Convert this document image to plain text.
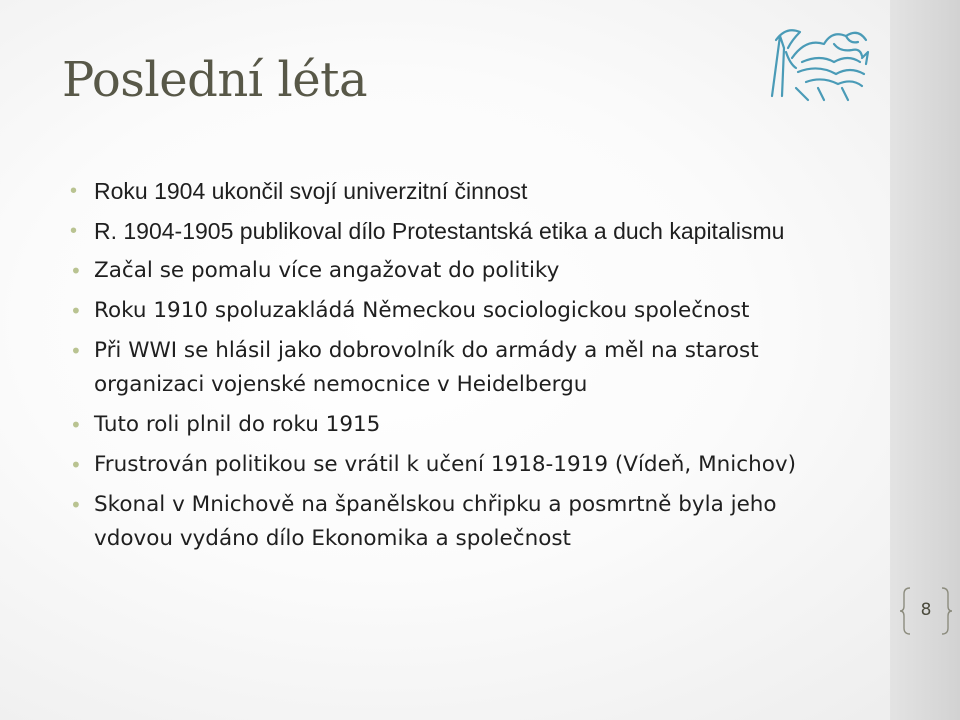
Poslední léta
• Roku 1904 ukončil svojí univerzitní činnost
• R. 1904-1905 publikoval dílo Protestantská etika a duch kapitalismu
• Začal se pomalu více angažovat do politiky
• Roku 1910 spoluzakládá Německou sociologickou společnost
• Při WWI se hlásil jako dobrovolník do armády a měl na starost organizaci vojenské nemocnice v Heidelbergu
• Tuto roli plnil do roku 1915
• Frustrován politikou se vrátil k učení 1918-1919 (Vídeň, Mnichov)
• Skonal v Mnichově na španělskou chřipku a posmrtně byla jeho vdovou vydáno dílo Ekonomika a společnost
8
